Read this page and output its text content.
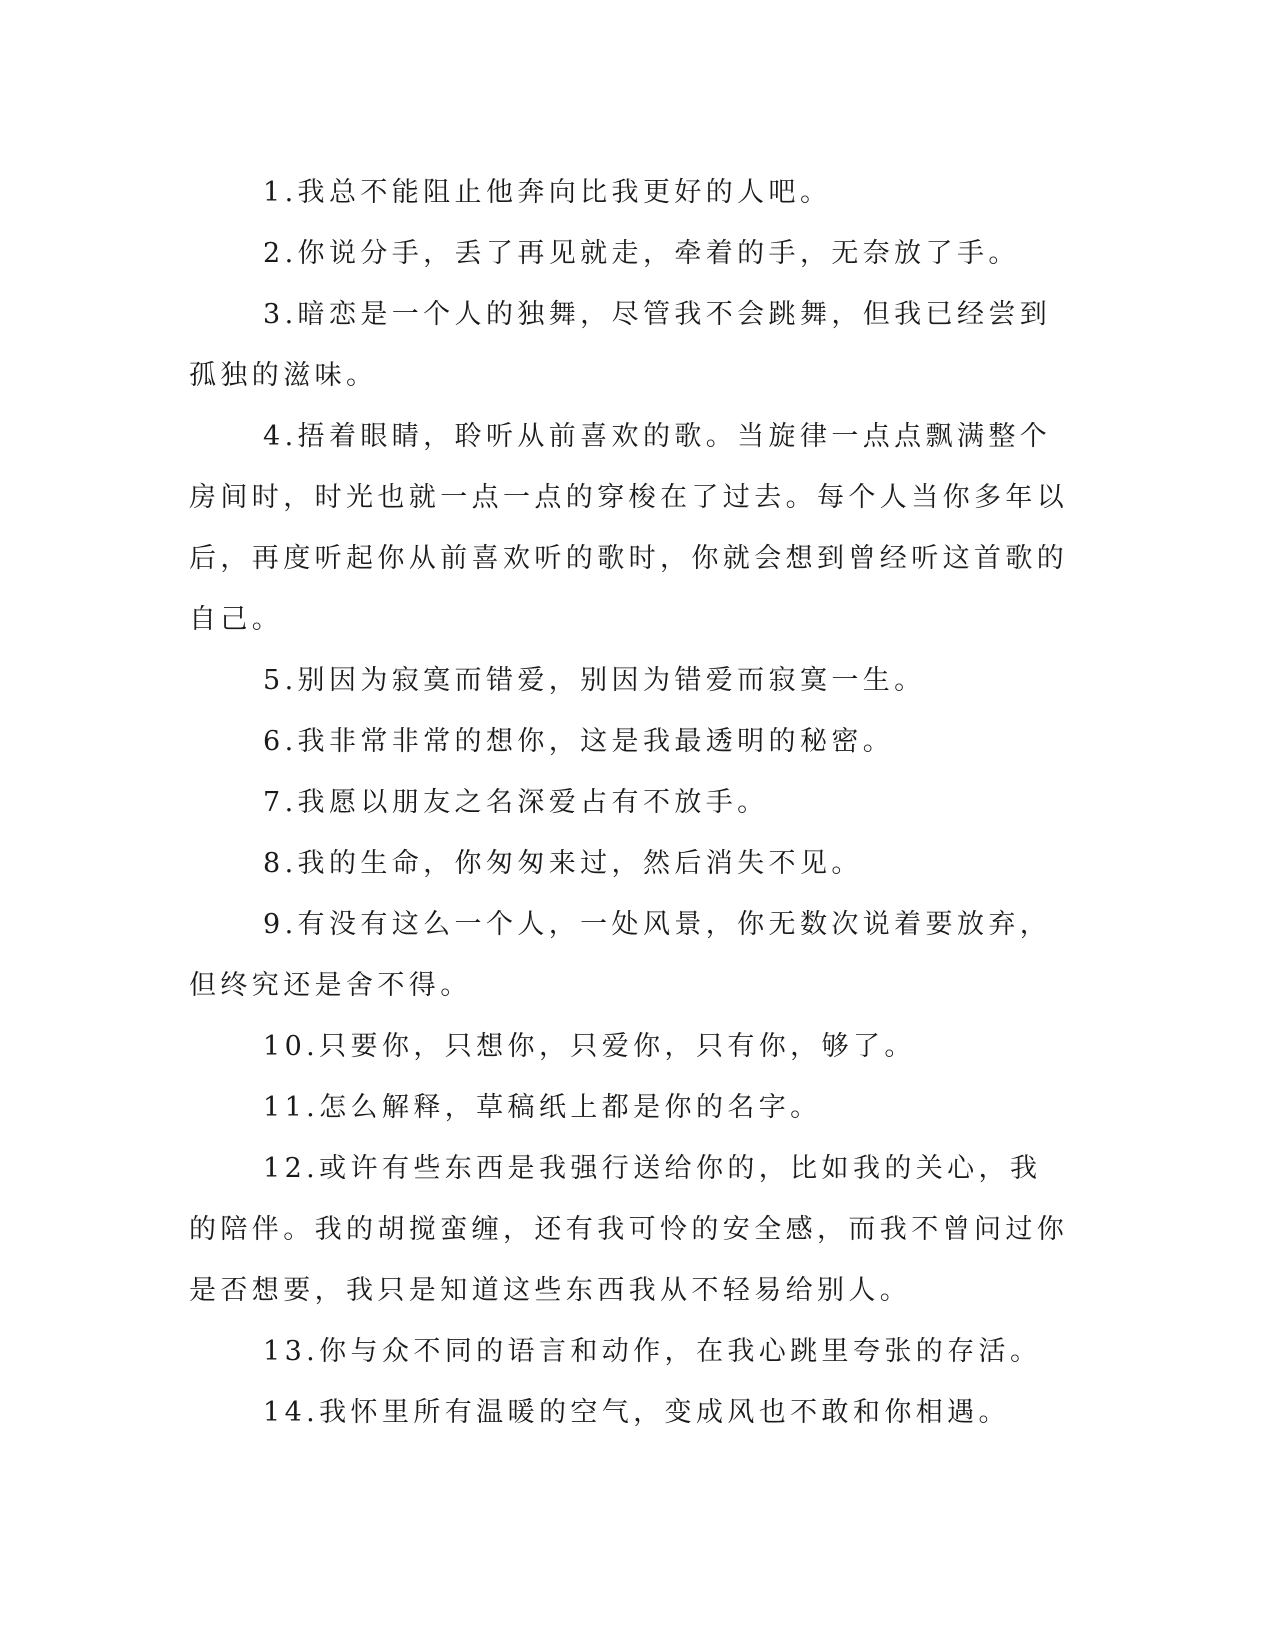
1.我总不能阻止他奔向比我更好的人吧。

2.你说分手，丢了再见就走，牵着的手，无奈放了手。

3.暗恋是一个人的独舞，尽管我不会跳舞，但我已经尝到孤独的滋味。

4.捂着眼睛，聆听从前喜欢的歌。当旋律一点点飘满整个房间时，时光也就一点一点的穿梭在了过去。每个人当你多年以后，再度听起你从前喜欢听的歌时，你就会想到曾经听这首歌的自己。

5.别因为寂寞而错爱，别因为错爱而寂寞一生。

6.我非常非常的想你，这是我最透明的秘密。

7.我愿以朋友之名深爱占有不放手。

8.我的生命，你匆匆来过，然后消失不见。

9.有没有这么一个人，一处风景，你无数次说着要放弃，但终究还是舍不得。

10.只要你，只想你，只爱你，只有你，够了。

11.怎么解释，草稿纸上都是你的名字。

12.或许有些东西是我强行送给你的，比如我的关心，我的陪伴。我的胡搅蛮缠，还有我可怜的安全感，而我不曾问过你是否想要，我只是知道这些东西我从不轻易给别人。

13.你与众不同的语言和动作，在我心跳里夸张的存活。

14.我怀里所有温暖的空气，变成风也不敢和你相遇。
